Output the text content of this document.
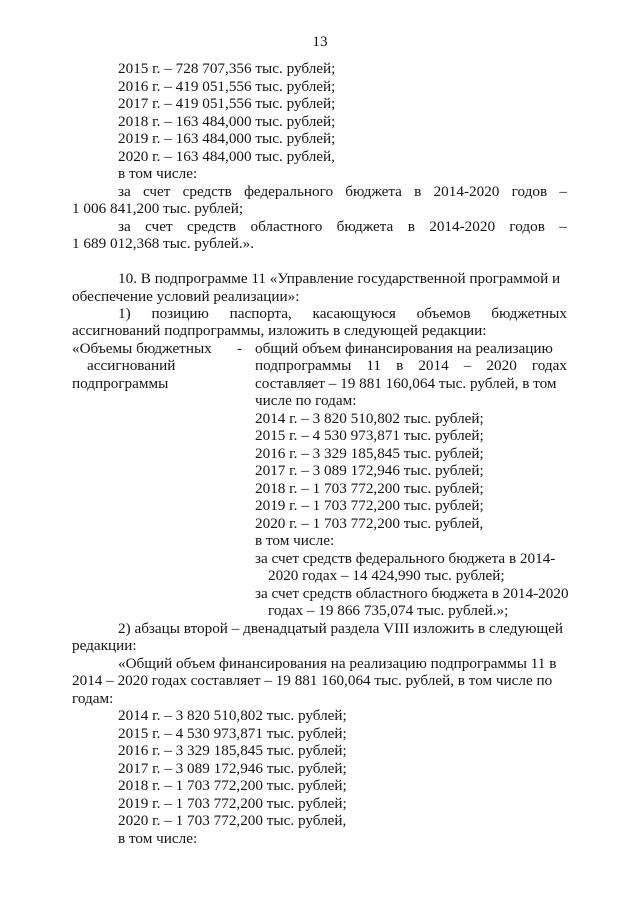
13
2015 г. – 728 707,356 тыс. рублей;
2016 г. – 419 051,556 тыс. рублей;
2017 г. – 419 051,556 тыс. рублей;
2018 г. – 163 484,000 тыс. рублей;
2019 г. – 163 484,000 тыс. рублей;
2020 г. – 163 484,000 тыс. рублей,
в том числе:
за счет средств федерального бюджета в 2014-2020 годов –
1 006 841,200 тыс. рублей;
за счет средств областного бюджета в 2014-2020 годов –
1 689 012,368 тыс. рублей.».
10. В подпрограмме 11 «Управление государственной программой и
обеспечение условий реализации»:
1) позицию паспорта, касающуюся объемов бюджетных
ассигнований подпрограммы, изложить в следующей редакции:
«Объемы бюджетных
ассигнований
подпрограммы
- общий объем финансирования на реализацию
подпрограммы 11 в 2014 – 2020 годах
составляет – 19 881 160,064 тыс. рублей, в том
числе по годам:
2014 г. – 3 820 510,802 тыс. рублей;
2015 г. – 4 530 973,871 тыс. рублей;
2016 г. – 3 329 185,845 тыс. рублей;
2017 г. – 3 089 172,946 тыс. рублей;
2018 г. – 1 703 772,200 тыс. рублей;
2019 г. – 1 703 772,200 тыс. рублей;
2020 г. – 1 703 772,200 тыс. рублей,
в том числе:
за счет средств федерального бюджета в 2014-
2020 годах – 14 424,990 тыс. рублей;
за счет средств областного бюджета в 2014-2020
годах – 19 866 735,074 тыс. рублей.»;
2) абзацы второй – двенадцатый раздела VIII изложить в следующей
редакции:
«Общий объем финансирования на реализацию подпрограммы 11 в
2014 – 2020 годах составляет – 19 881 160,064 тыс. рублей, в том числе по
годам:
2014 г. – 3 820 510,802 тыс. рублей;
2015 г. – 4 530 973,871 тыс. рублей;
2016 г. – 3 329 185,845 тыс. рублей;
2017 г. – 3 089 172,946 тыс. рублей;
2018 г. – 1 703 772,200 тыс. рублей;
2019 г. – 1 703 772,200 тыс. рублей;
2020 г. – 1 703 772,200 тыс. рублей,
в том числе:
